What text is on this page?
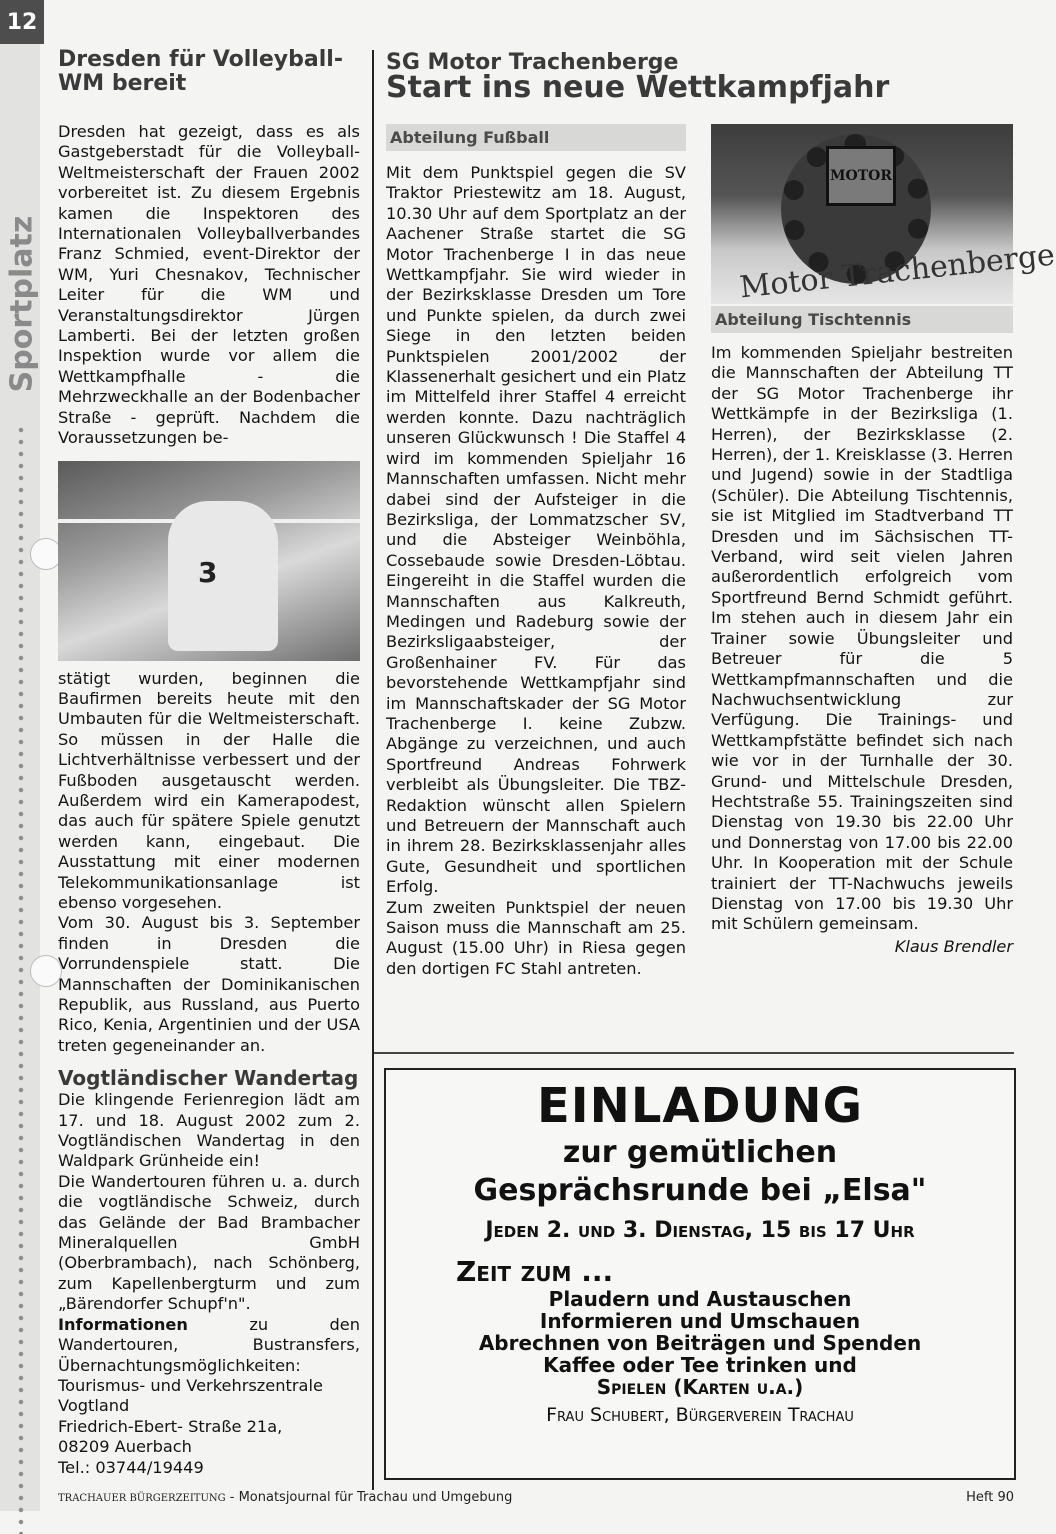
12
Sportplatz
Dresden für Volleyball-
WM bereit
Dresden hat gezeigt, dass es als Gastgeberstadt für die Volleyball-Weltmeisterschaft der Frauen 2002 vorbereitet ist. Zu diesem Ergebnis kamen die Inspektoren des Internationalen Volleyballverbandes Franz Schmied, event-Direktor der WM, Yuri Chesnakov, Technischer Leiter für die WM und Veranstaltungsdirektor Jürgen Lamberti. Bei der letzten großen Inspektion wurde vor allem die Wettkampfhalle - die Mehrzweckhalle an der Bodenbacher Straße - geprüft. Nachdem die Voraussetzungen be-
3
stätigt wurden, beginnen die Baufirmen bereits heute mit den Umbauten für die Weltmeisterschaft. So müssen in der Halle die Lichtverhältnisse verbessert und der Fußboden ausgetauscht werden. Außerdem wird ein Kamerapodest, das auch für spätere Spiele genutzt werden kann, eingebaut. Die Ausstattung mit einer modernen Telekommunikationsanlage ist ebenso vorgesehen.
Vom 30. August bis 3. September finden in Dresden die Vorrundenspiele statt. Die Mannschaften der Dominikanischen Republik, aus Russland, aus Puerto Rico, Kenia, Argentinien und der USA treten gegeneinander an.
Vogtländischer Wandertag
Die klingende Ferienregion lädt am 17. und 18. August 2002 zum 2. Vogtländischen Wandertag in den Waldpark Grünheide ein!
Die Wandertouren führen u. a. durch die vogtländische Schweiz, durch das Gelände der Bad Brambacher Mineralquellen GmbH (Oberbrambach), nach Schönberg, zum Kapellenbergturm und zum „Bärendorfer Schupf'n".
Informationen zu den Wandertouren, Bustransfers, Übernachtungsmöglichkeiten:
Tourismus- und Verkehrszentrale
Vogtland
Friedrich-Ebert- Straße 21a,
08209 Auerbach
Tel.: 03744/19449
SG Motor Trachenberge
Start ins neue Wettkampfjahr
Abteilung Fußball
Mit dem Punktspiel gegen die SV Traktor Priestewitz am 18. August, 10.30 Uhr auf dem Sportplatz an der Aachener Straße startet die SG Motor Trachenberge I in das neue Wettkampfjahr. Sie wird wieder in der Bezirksklasse Dresden um Tore und Punkte spielen, da durch zwei Siege in den letzten beiden Punktspielen 2001/2002 der Klassenerhalt gesichert und ein Platz im Mittelfeld ihrer Staffel 4 erreicht werden konnte. Dazu nachträglich unseren Glückwunsch ! Die Staffel 4 wird im kommenden Spieljahr 16 Mannschaften umfassen. Nicht mehr dabei sind der Aufsteiger in die Bezirksliga, der Lommatzscher SV, und die Absteiger Weinböhla, Cossebaude sowie Dresden-Löbtau. Eingereiht in die Staffel wurden die Mannschaften aus Kalkreuth, Medingen und Radeburg sowie der Bezirksligaabsteiger, der Großenhainer FV. Für das bevorstehende Wettkampfjahr sind im Mannschaftskader der SG Motor Trachenberge I. keine Zubzw. Abgänge zu verzeichnen, und auch Sportfreund Andreas Fohrwerk verbleibt als Übungsleiter. Die TBZ-Redaktion wünscht allen Spielern und Betreuern der Mannschaft auch in ihrem 28. Bezirksklassenjahr alles Gute, Gesundheit und sportlichen Erfolg.
Zum zweiten Punktspiel der neuen Saison muss die Mannschaft am 25. August (15.00 Uhr) in Riesa gegen den dortigen FC Stahl antreten.
MOTOR
Motor Trachenberge
Abteilung Tischtennis
Im kommenden Spieljahr bestreiten die Mannschaften der Abteilung TT der SG Motor Trachenberge ihr Wettkämpfe in der Bezirksliga (1. Herren), der Bezirksklasse (2. Herren), der 1. Kreisklasse (3. Herren und Jugend) sowie in der Stadtliga (Schüler). Die Abteilung Tischtennis, sie ist Mitglied im Stadtverband TT Dresden und im Sächsischen TT-Verband, wird seit vielen Jahren außerordentlich erfolgreich vom Sportfreund Bernd Schmidt geführt. Im stehen auch in diesem Jahr ein Trainer sowie Übungsleiter und Betreuer für die 5 Wettkampfmannschaften und die Nachwuchsentwicklung zur Verfügung. Die Trainings- und Wettkampfstätte befindet sich nach wie vor in der Turnhalle der 30. Grund- und Mittelschule Dresden, Hechtstraße 55. Trainingszeiten sind Dienstag von 19.30 bis 22.00 Uhr und Donnerstag von 17.00 bis 22.00 Uhr. In Kooperation mit der Schule trainiert der TT-Nachwuchs jeweils Dienstag von 17.00 bis 19.30 Uhr mit Schülern gemeinsam.
Klaus Brendler
EINLADUNG
zur gemütlichen
Gesprächsrunde bei „Elsa"
Jeden 2. und 3. Dienstag, 15 bis 17 Uhr
Zeit zum ...
Plaudern und Austauschen
Informieren und Umschauen
Abrechnen von Beiträgen und Spenden
Kaffee oder Tee trinken und
Spielen (Karten u.a.)
Frau Schubert, Bürgerverein Trachau
TRACHAUER BÜRGERZEITUNG - Monatsjournal für Trachau und Umgebung	Heft 90
